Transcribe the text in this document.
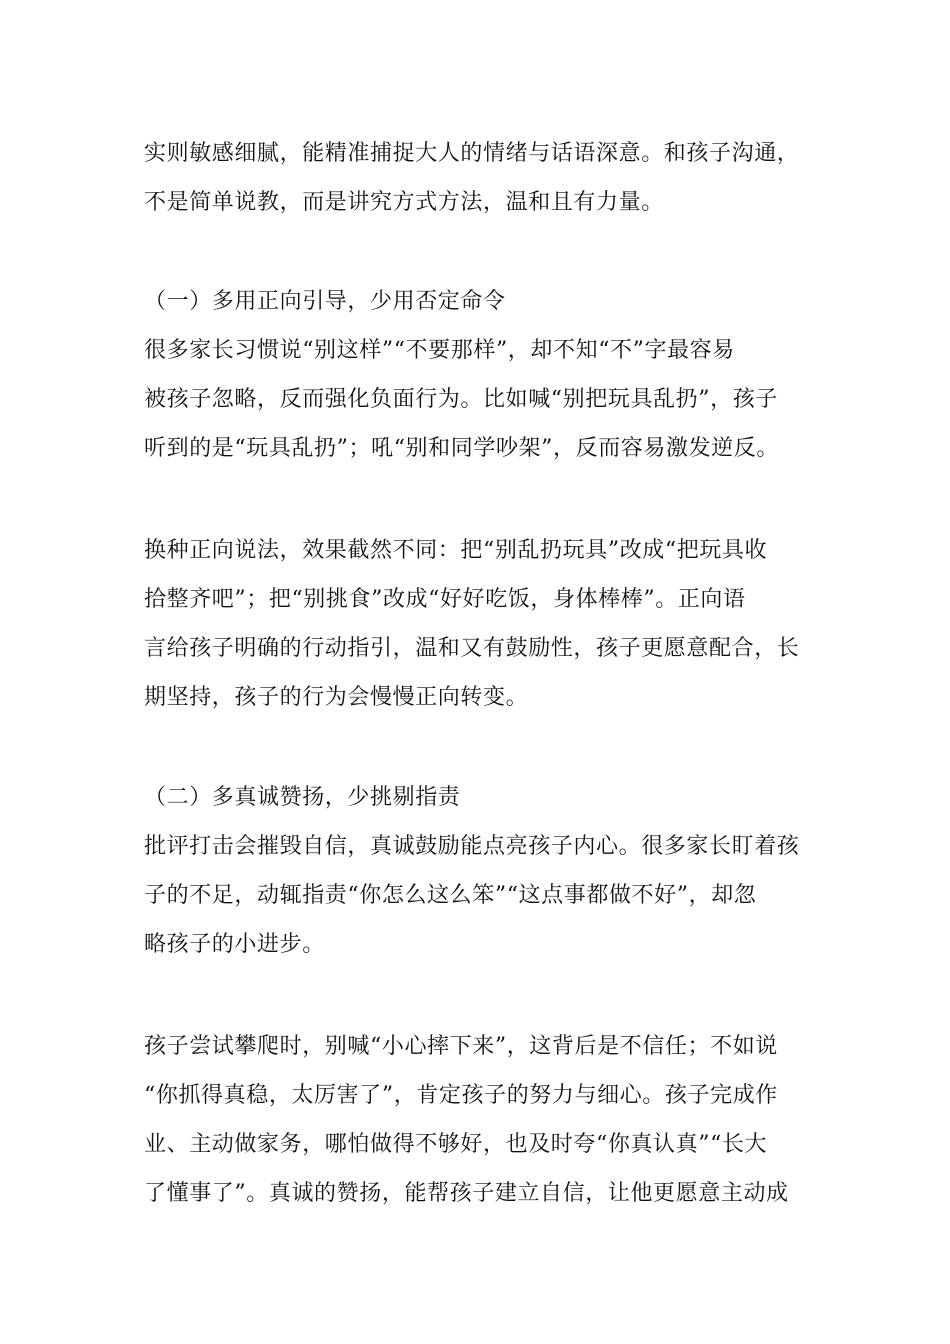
实则敏感细腻，能精准捕捉大人的情绪与话语深意。和孩子沟通，
不是简单说教，而是讲究方式方法，温和且有力量。
（一）多用正向引导，少用否定命令
很多家长习惯说“别这样”“不要那样”，却不知“不”字最容易
被孩子忽略，反而强化负面行为。比如喊“别把玩具乱扔”，孩子
听到的是“玩具乱扔”；吼“别和同学吵架”，反而容易激发逆反。
换种正向说法，效果截然不同：把“别乱扔玩具”改成“把玩具收
拾整齐吧”；把“别挑食”改成“好好吃饭，身体棒棒”。正向语
言给孩子明确的行动指引，温和又有鼓励性，孩子更愿意配合，长
期坚持，孩子的行为会慢慢正向转变。
（二）多真诚赞扬，少挑剔指责
批评打击会摧毁自信，真诚鼓励能点亮孩子内心。很多家长盯着孩
子的不足，动辄指责“你怎么这么笨”“这点事都做不好”，却忽
略孩子的小进步。
孩子尝试攀爬时，别喊“小心摔下来”，这背后是不信任；不如说
“你抓得真稳，太厉害了”，肯定孩子的努力与细心。孩子完成作
业、主动做家务，哪怕做得不够好，也及时夸“你真认真”“长大
了懂事了”。真诚的赞扬，能帮孩子建立自信，让他更愿意主动成
